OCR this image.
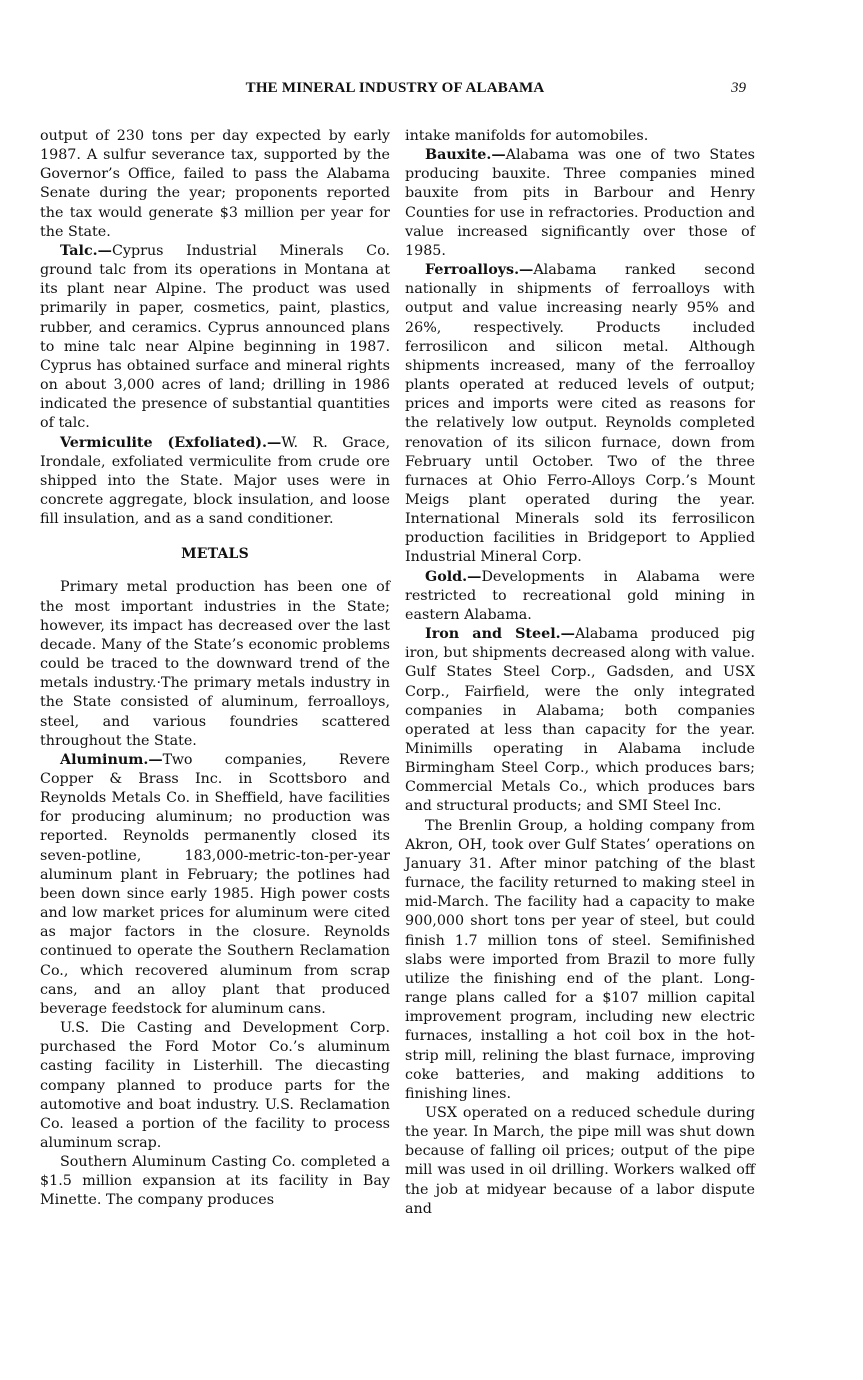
THE MINERAL INDUSTRY OF ALABAMA	39

output of 230 tons per day expected by early 1987. A sulfur severance tax, supported by the Governor’s Office, failed to pass the Alabama Senate during the year; proponents reported the tax would generate $3 million per year for the State.

Talc.—Cyprus Industrial Minerals Co. ground talc from its operations in Montana at its plant near Alpine. The product was used primarily in paper, cosmetics, paint, plastics, rubber, and ceramics. Cyprus announced plans to mine talc near Alpine beginning in 1987. Cyprus has obtained surface and mineral rights on about 3,000 acres of land; drilling in 1986 indicated the presence of substantial quantities of talc.

Vermiculite (Exfoliated).—W. R. Grace, Irondale, exfoliated vermiculite from crude ore shipped into the State. Major uses were in concrete aggregate, block insulation, and loose fill insulation, and as a sand conditioner.

METALS

Primary metal production has been one of the most important industries in the State; however, its impact has decreased over the last decade. Many of the State’s economic problems could be traced to the downward trend of the metals industry.·The primary metals industry in the State consisted of aluminum, ferroalloys, steel, and various foundries scattered throughout the State.

Aluminum.—Two companies, Revere Copper & Brass Inc. in Scottsboro and Reynolds Metals Co. in Sheffield, have facilities for producing aluminum; no production was reported. Reynolds permanently closed its seven-potline, 183,000-metric-ton-per-year aluminum plant in February; the potlines had been down since early 1985. High power costs and low market prices for aluminum were cited as major factors in the closure. Reynolds continued to operate the Southern Reclamation Co., which recovered aluminum from scrap cans, and an alloy plant that produced beverage feedstock for aluminum cans.

U.S. Die Casting and Development Corp. purchased the Ford Motor Co.’s aluminum casting facility in Listerhill. The diecasting company planned to produce parts for the automotive and boat industry. U.S. Reclamation Co. leased a portion of the facility to process aluminum scrap.

Southern Aluminum Casting Co. completed a $1.5 million expansion at its facility in Bay Minette. The company produces

intake manifolds for automobiles.

Bauxite.—Alabama was one of two States producing bauxite. Three companies mined bauxite from pits in Barbour and Henry Counties for use in refractories. Production and value increased significantly over those of 1985.

Ferroalloys.—Alabama ranked second nationally in shipments of ferroalloys with output and value increasing nearly 95% and 26%, respectively. Products included ferrosilicon and silicon metal. Although shipments increased, many of the ferroalloy plants operated at reduced levels of output; prices and imports were cited as reasons for the relatively low output. Reynolds completed renovation of its silicon furnace, down from February until October. Two of the three furnaces at Ohio Ferro-Alloys Corp.’s Mount Meigs plant operated during the year. International Minerals sold its ferrosilicon production facilities in Bridgeport to Applied Industrial Mineral Corp.

Gold.—Developments in Alabama were restricted to recreational gold mining in eastern Alabama.

Iron and Steel.—Alabama produced pig iron, but shipments decreased along with value. Gulf States Steel Corp., Gadsden, and USX Corp., Fairfield, were the only integrated companies in Alabama; both companies operated at less than capacity for the year. Minimills operating in Alabama include Birmingham Steel Corp., which produces bars; Commercial Metals Co., which produces bars and structural products; and SMI Steel Inc.

The Brenlin Group, a holding company from Akron, OH, took over Gulf States’ operations on January 31. After minor patching of the blast furnace, the facility returned to making steel in mid-March. The facility had a capacity to make 900,000 short tons per year of steel, but could finish 1.7 million tons of steel. Semifinished slabs were imported from Brazil to more fully utilize the finishing end of the plant. Long-range plans called for a $107 million capital improvement program, including new electric furnaces, installing a hot coil box in the hot-strip mill, relining the blast furnace, improving coke batteries, and making additions to finishing lines.

USX operated on a reduced schedule during the year. In March, the pipe mill was shut down because of falling oil prices; output of the pipe mill was used in oil drilling. Workers walked off the job at midyear because of a labor dispute and
